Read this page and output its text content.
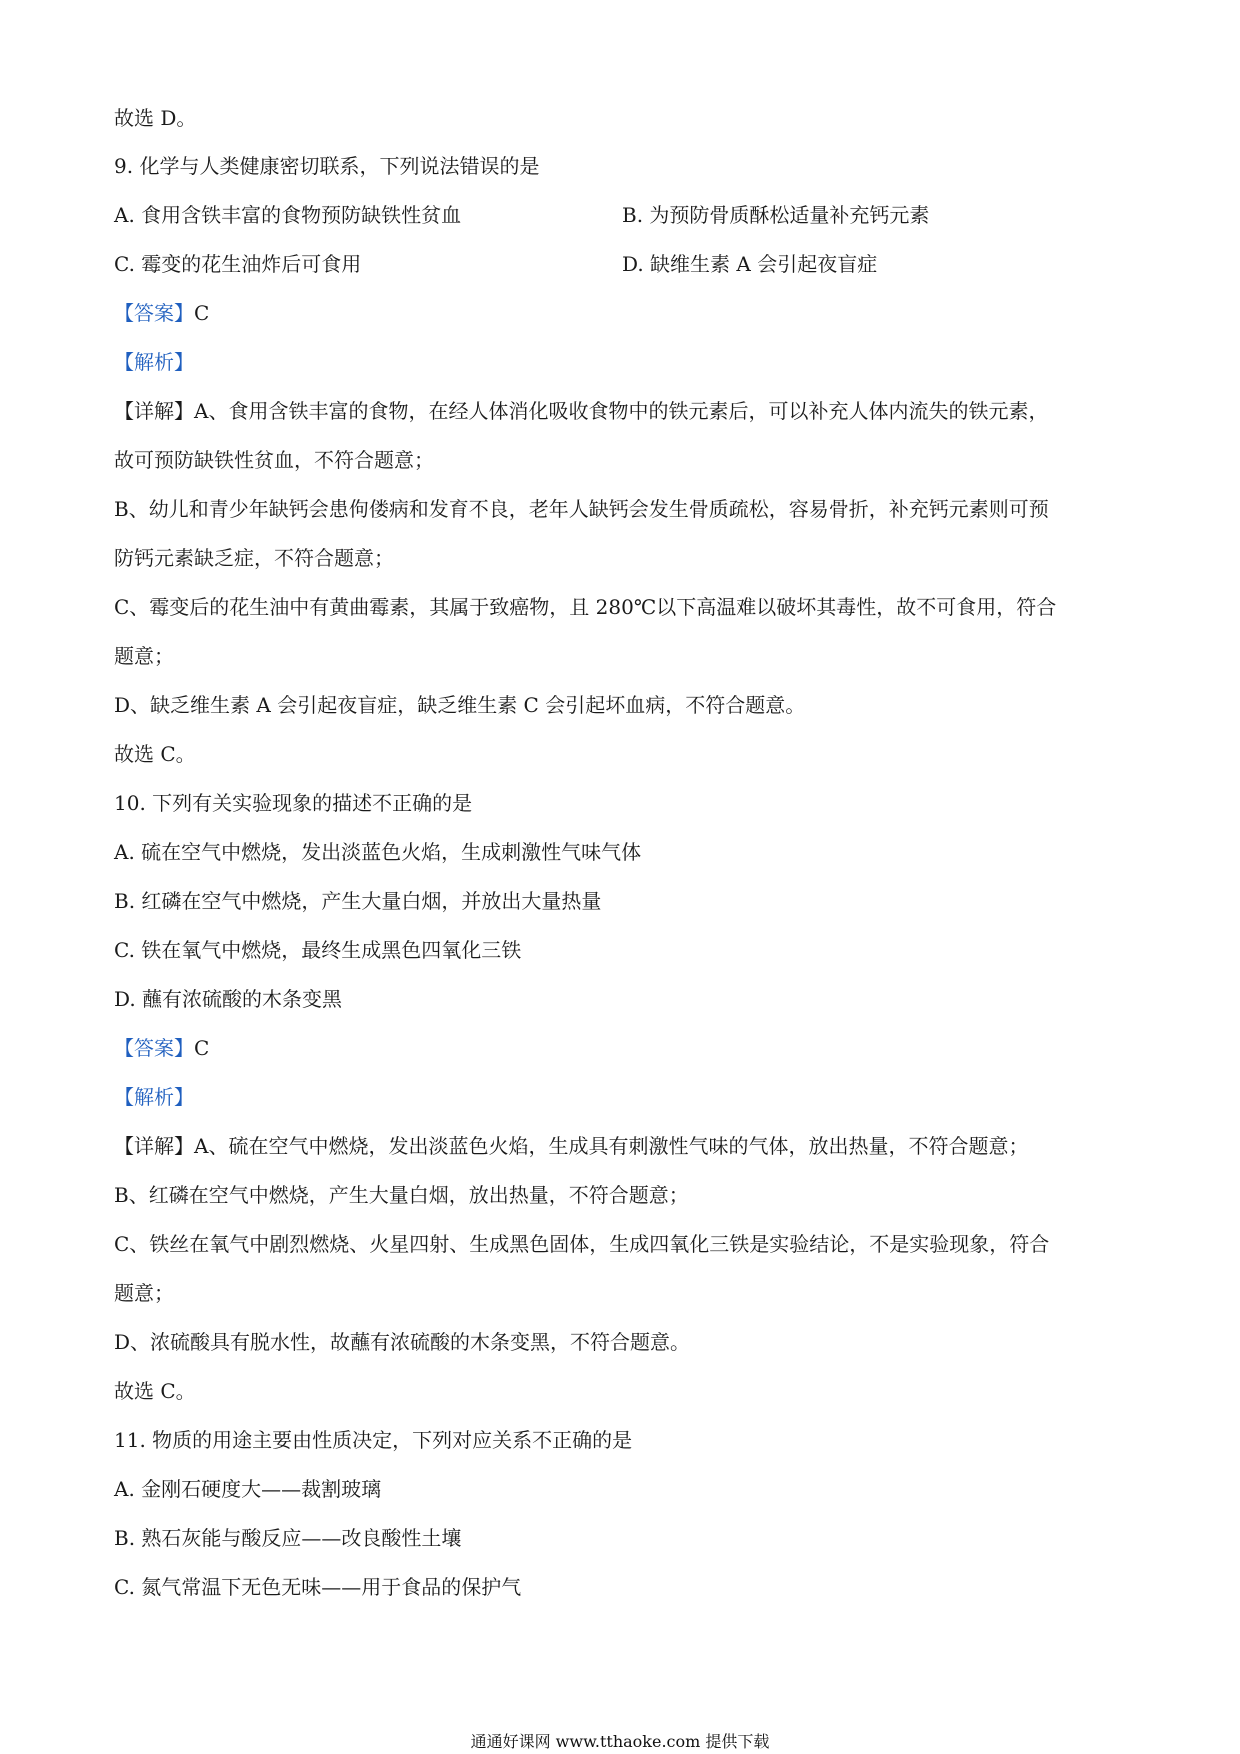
故选 D。
9. 化学与人类健康密切联系，下列说法错误的是
A. 食用含铁丰富的食物预防缺铁性贫血	B. 为预防骨质酥松适量补充钙元素
C. 霉变的花生油炸后可食用	D. 缺维生素 A 会引起夜盲症
【答案】C
【解析】
【详解】A、食用含铁丰富的食物，在经人体消化吸收食物中的铁元素后，可以补充人体内流失的铁元素，
故可预防缺铁性贫血，不符合题意；
B、幼儿和青少年缺钙会患佝偻病和发育不良，老年人缺钙会发生骨质疏松，容易骨折，补充钙元素则可预
防钙元素缺乏症，不符合题意；
C、霉变后的花生油中有黄曲霉素，其属于致癌物，且 280℃以下高温难以破坏其毒性，故不可食用，符合
题意；
D、缺乏维生素 A 会引起夜盲症，缺乏维生素 C 会引起坏血病，不符合题意。
故选 C。
10. 下列有关实验现象的描述不正确的是
A. 硫在空气中燃烧，发出淡蓝色火焰，生成刺激性气味气体
B. 红磷在空气中燃烧，产生大量白烟，并放出大量热量
C. 铁在氧气中燃烧，最终生成黑色四氧化三铁
D. 蘸有浓硫酸的木条变黑
【答案】C
【解析】
【详解】A、硫在空气中燃烧，发出淡蓝色火焰，生成具有刺激性气味的气体，放出热量，不符合题意；
B、红磷在空气中燃烧，产生大量白烟，放出热量，不符合题意；
C、铁丝在氧气中剧烈燃烧、火星四射、生成黑色固体，生成四氧化三铁是实验结论，不是实验现象，符合
题意；
D、浓硫酸具有脱水性，故蘸有浓硫酸的木条变黑，不符合题意。
故选 C。
11. 物质的用途主要由性质决定，下列对应关系不正确的是
A. 金刚石硬度大——裁割玻璃
B. 熟石灰能与酸反应——改良酸性土壤
C. 氮气常温下无色无味——用于食品的保护气
通通好课网 www.tthaoke.com 提供下载
